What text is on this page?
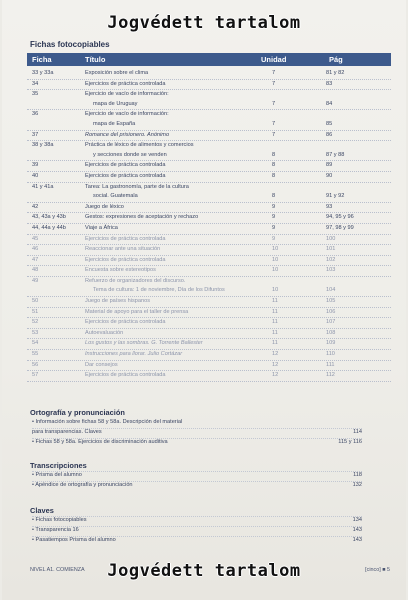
Jogvédett tartalom
Fichas fotocopiables
Ficha	Título	Unidad	Pág
33 y 33a	Exposición sobre el clima	7	81 y 82
34	Ejercicios de práctica controlada	7	83
35	Ejercicio de vacío de información:
mapa de Uruguay	7	84
36	Ejercicio de vacío de información:
mapa de España	7	85
37	Romance del prisionero. Anónimo	7	86
38 y 38a	Práctica de léxico de alimentos y comercios
y secciones donde se venden	8	87 y 88
39	Ejercicios de práctica controlada	8	89
40	Ejercicios de práctica controlada	8	90
41 y 41a	Tarea: La gastronomía, parte de la cultura
social. Guatemala	8	91 y 92
42	Juego de léxico	9	93
43, 43a y 43b	Gestos: expresiones de aceptación y rechazo	9	94, 95 y 96
44, 44a y 44b	Viaje a África	9	97, 98 y 99
45	Ejercicios de práctica controlada	9	100
46	Reaccionar ante una situación	10	101
47	Ejercicios de práctica controlada	10	102
48	Encuesta sobre estereotipos	10	103
49	Refuerzo de organizadores del discurso.
Tema de cultura: 1 de noviembre, Día de los Difuntos	10	104
50	Juego de países hispanos	11	105
51	Material de apoyo para el taller de prensa	11	106
52	Ejercicios de práctica controlada	11	107
53	Autoevaluación	11	108
54	Los gustos y las sombras. G. Torrente Ballester	11	109
55	Instrucciones para llorar. Julio Cortázar	12	110
56	Dar consejos	12	111
57	Ejercicios de práctica controlada	12	112
Ortografía y pronunciación
• Información sobre fichas 58 y 58a. Descripción del material
para transparencias. Claves	114
• Fichas 58 y 58a. Ejercicios de discriminación auditiva	115 y 116
Transcripciones
• Prisma del alumno	118
• Apéndice de ortografía y pronunciación	132
Claves
• Fichas fotocopiables	134
• Transparencia 16	143
• Pasatiempos Prisma del alumno	143
Jogvédett tartalom
NIVEL A1. COMIENZA	[cinco] ■ 5
